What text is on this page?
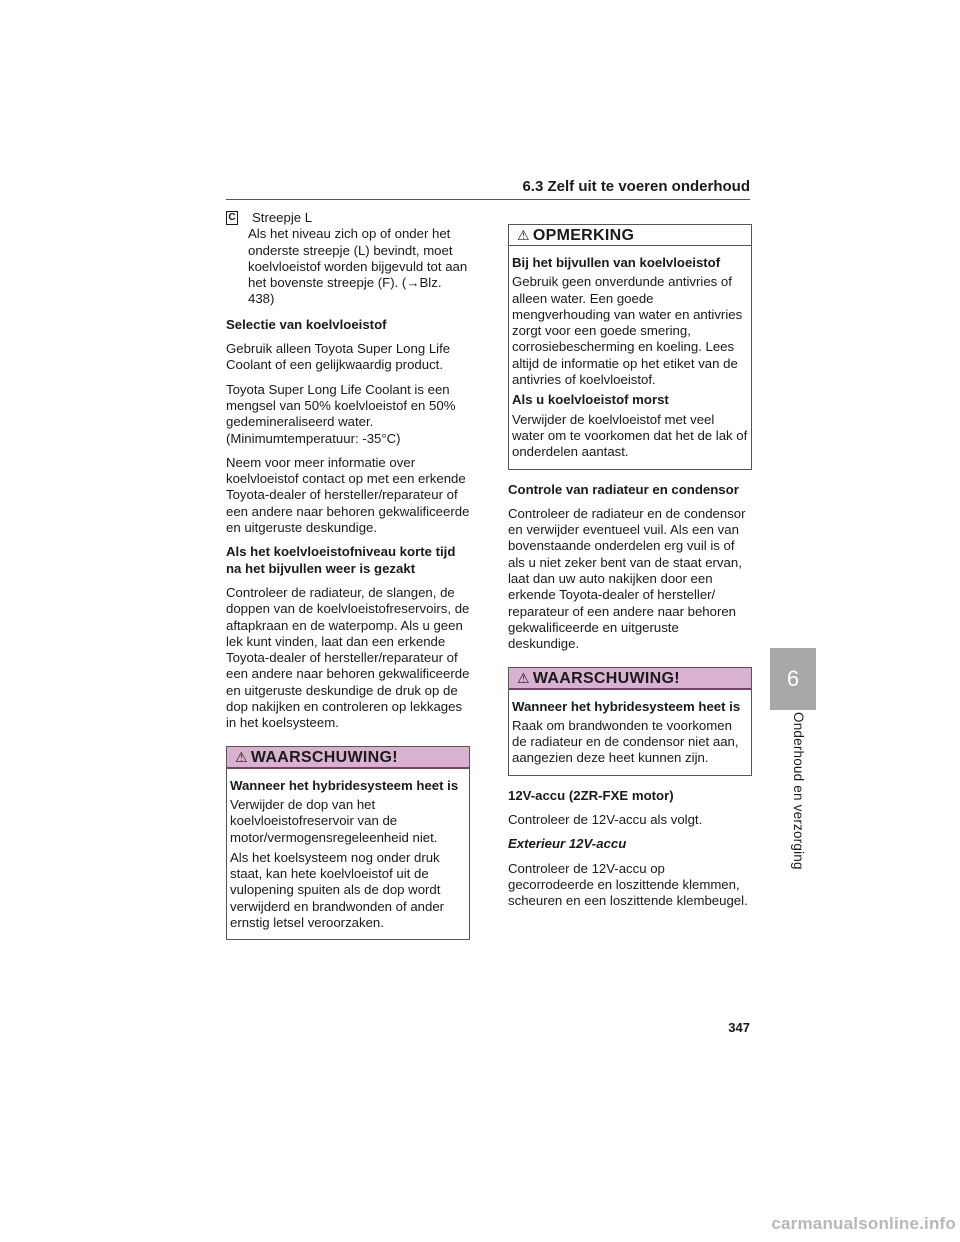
6.3 Zelf uit te voeren onderhoud
6
Onderhoud en verzorging
C	Streepje L
Als het niveau zich op of onder het onderste streepje (L) bevindt, moet koelvloeistof worden bijgevuld tot aan het bovenste streepje (F). (→Blz. 438)

Selectie van koelvloeistof

Gebruik alleen Toyota Super Long Life Coolant of een gelijkwaardig product.

Toyota Super Long Life Coolant is een mengsel van 50% koelvloeistof en 50% gedemineraliseerd water. (Minimumtemperatuur: -35°C)

Neem voor meer informatie over koelvloeistof contact op met een erkende Toyota-dealer of hersteller/reparateur of een andere naar behoren gekwalificeerde en uitgeruste deskundige.

Als het koelvloeistofniveau korte tijd na het bijvullen weer is gezakt

Controleer de radiateur, de slangen, de doppen van de koelvloeistofreservoirs, de aftapkraan en de waterpomp. Als u geen lek kunt vinden, laat dan een erkende Toyota-dealer of hersteller/reparateur of een andere naar behoren gekwalificeerde en uitgeruste deskundige de druk op de dop nakijken en controleren op lekkages in het koelsysteem.

⚠ WAARSCHUWING!

Wanneer het hybridesysteem heet is

Verwijder de dop van het koelvloeistofreservoir van de motor/vermogensregeleenheid niet.

Als het koelsysteem nog onder druk staat, kan hete koelvloeistof uit de vulopening spuiten als de dop wordt verwijderd en brandwonden of ander ernstig letsel veroorzaken.

⚠ OPMERKING

Bij het bijvullen van koelvloeistof

Gebruik geen onverdunde antivries of alleen water. Een goede mengverhouding van water en antivries zorgt voor een goede smering, corrosiebescherming en koeling. Lees altijd de informatie op het etiket van de antivries of koelvloeistof.

Als u koelvloeistof morst

Verwijder de koelvloeistof met veel water om te voorkomen dat het de lak of onderdelen aantast.

Controle van radiateur en condensor

Controleer de radiateur en de condensor en verwijder eventueel vuil. Als een van bovenstaande onderdelen erg vuil is of als u niet zeker bent van de staat ervan, laat dan uw auto nakijken door een erkende Toyota-dealer of hersteller/ reparateur of een andere naar behoren gekwalificeerde en uitgeruste deskundige.

⚠ WAARSCHUWING!

Wanneer het hybridesysteem heet is

Raak om brandwonden te voorkomen de radiateur en de condensor niet aan, aangezien deze heet kunnen zijn.

12V-accu (2ZR-FXE motor)

Controleer de 12V-accu als volgt.

Exterieur 12V-accu

Controleer de 12V-accu op gecorrodeerde en loszittende klemmen, scheuren en een loszittende klembeugel.

347
carmanualsonline.info
